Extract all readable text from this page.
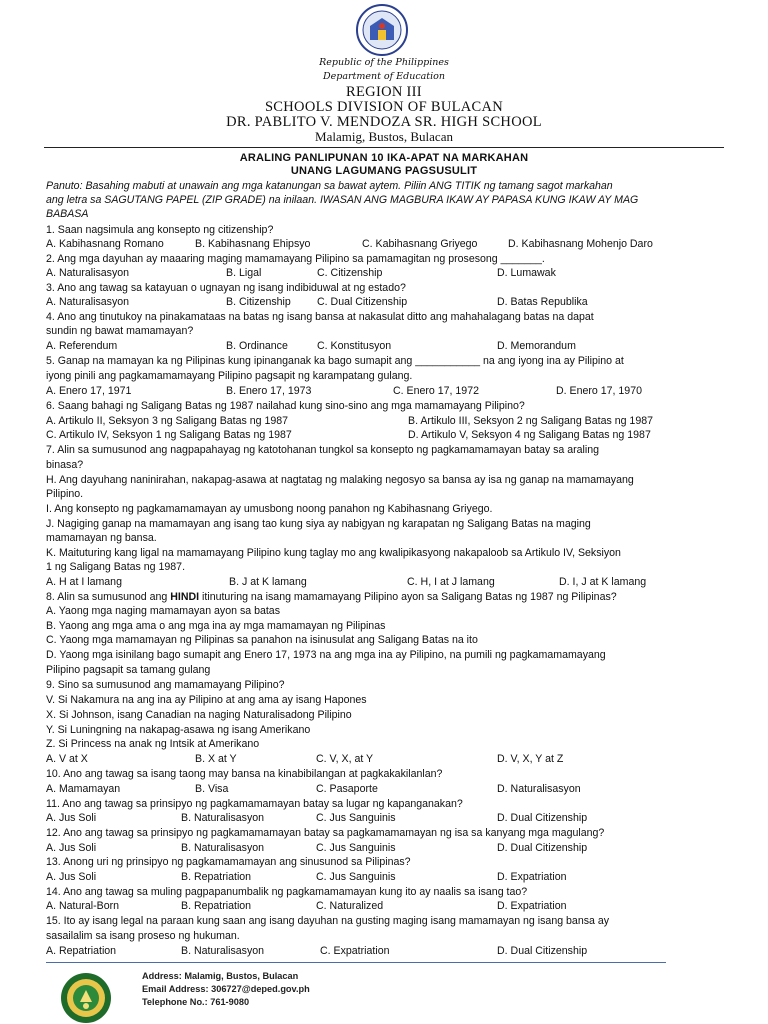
Republic of the Philippines
Department of Education
REGION III
SCHOOLS DIVISION OF BULACAN
DR. PABLITO V. MENDOZA SR. HIGH SCHOOL
Malamig, Bustos, Bulacan
ARALING PANLIPUNAN 10 IKA-APAT NA MARKAHAN
UNANG LAGUMANG PAGSUSULIT
Panuto: Basahing mabuti at unawain ang mga katanungan sa bawat aytem. Piliin ANG TITIK ng tamang sagot markahan
ang letra sa SAGUTANG PAPEL (ZIP GRADE) na inilaan. IWASAN ANG MAGBURA IKAW AY PAPASA KUNG IKAW AY MAG
BABASA
1. Saan nagsimula ang konsepto ng citizenship?
A. Kabihasnang Romano	B. Kabihasnang Ehipsyo	C. Kabihasnang Griyego	D. Kabihasnang Mohenjo Daro
2. Ang mga dayuhan ay maaaring maging mamamayang Pilipino sa pamamagitan ng prosesong _______.
A. Naturalisasyon	B. Ligal	C. Citizenship	D. Lumawak
3. Ano ang tawag sa katayuan o ugnayan ng isang indibiduwal at ng estado?
A. Naturalisasyon	B. Citizenship C. Dual Citizenship	D. Batas Republika
4. Ano ang tinutukoy na pinakamataas na batas ng isang bansa at nakasulat ditto ang mahahalagang batas na dapat
sundin ng bawat mamamayan?
A. Referendum	B. Ordinance	C. Konstitusyon	D. Memorandum
5. Ganap na mamayan ka ng Pilipinas kung ipinanganak ka bago sumapit ang ___________ na ang iyong ina ay Pilipino at
iyong pinili ang pagkamamamayang Pilipino pagsapit ng karampatang gulang.
A. Enero 17, 1971	B. Enero 17, 1973	C. Enero 17, 1972	D. Enero 17, 1970
6. Saang bahagi ng Saligang Batas ng 1987 nailahad kung sino-sino ang mga mamamayang Pilipino?
A. Artikulo II, Seksyon 3 ng Saligang Batas ng 1987	B. Artikulo III, Seksyon 2 ng Saligang Batas ng 1987
C. Artikulo IV, Seksyon 1 ng Saligang Batas ng 1987	D. Artikulo V, Seksyon 4 ng Saligang Batas ng 1987
7. Alin sa sumusunod ang nagpapahayag ng katotohanan tungkol sa konsepto ng pagkamamamayan batay sa araling
binasa?
H. Ang dayuhang naninirahan, nakapag-asawa at nagtatag ng malaking negosyo sa bansa ay isa ng ganap na mamamayang
Pilipino.
I. Ang konsepto ng pagkamamamayan ay umusbong noong panahon ng Kabihasnang Griyego.
J. Nagiging ganap na mamamayan ang isang tao kung siya ay nabigyan ng karapatan ng Saligang Batas na maging
mamamayan ng bansa.
K. Maituturing kang ligal na mamamayang Pilipino kung taglay mo ang kwalipikasyong nakapaloob sa Artikulo IV, Seksiyon
1 ng Saligang Batas ng 1987.
A. H at I lamang	B. J at K lamang	C. H, I at J lamang	D. I, J at K lamang
8. Alin sa sumusunod ang HINDI itinuturing na isang mamamayang Pilipino ayon sa Saligang Batas ng 1987 ng Pilipinas?
A. Yaong mga naging mamamayan ayon sa batas
B. Yaong ang mga ama o ang mga ina ay mga mamamayan ng Pilipinas
C. Yaong mga mamamayan ng Pilipinas sa panahon na isinusulat ang Saligang Batas na ito
D. Yaong mga isinilang bago sumapit ang Enero 17, 1973 na ang mga ina ay Pilipino, na pumili ng pagkamamamayang
Pilipino pagsapit sa tamang gulang
9. Sino sa sumusunod ang mamamayang Pilipino?
V. Si Nakamura na ang ina ay Pilipino at ang ama ay isang Hapones
X. Si Johnson, isang Canadian na naging Naturalisadong Pilipino
Y. Si Luningning na nakapag-asawa ng isang Amerikano
Z. Si Princess na anak ng Intsik at Amerikano
A. V at X	B. X at Y	C. V, X, at Y	D. V, X, Y at Z
10. Ano ang tawag sa isang taong may bansa na kinabibilangan at pagkakakilanlan?
A. Mamamayan	B. Visa	C. Pasaporte	D. Naturalisasyon
11. Ano ang tawag sa prinsipyo ng pagkamamamayan batay sa lugar ng kapanganakan?
A. Jus Soli	B. Naturalisasyon	C. Jus Sanguinis	D. Dual Citizenship
12. Ano ang tawag sa prinsipyo ng pagkamamamayan batay sa pagkamamamayan ng isa sa kanyang mga magulang?
A. Jus Soli	B. Naturalisasyon	C. Jus Sanguinis	D. Dual Citizenship
13. Anong uri ng prinsipyo ng pagkamamamayan ang sinusunod sa Pilipinas?
A. Jus Soli	B. Repatriation	C. Jus Sanguinis	D. Expatriation
14. Ano ang tawag sa muling pagpapanumbalik ng pagkamamamayan kung ito ay naalis sa isang tao?
A. Natural-Born	B. Repatriation	C. Naturalized	D. Expatriation
15. Ito ay isang legal na paraan kung saan ang isang dayuhan na gusting maging isang mamamayan ng isang bansa ay
sasailalim sa isang proseso ng hukuman.
A. Repatriation	B. Naturalisasyon	C. Expatriation	D. Dual Citizenship
Address: Malamig, Bustos, Bulacan
Email Address: 306727@deped.gov.ph
Telephone No.: 761-9080
